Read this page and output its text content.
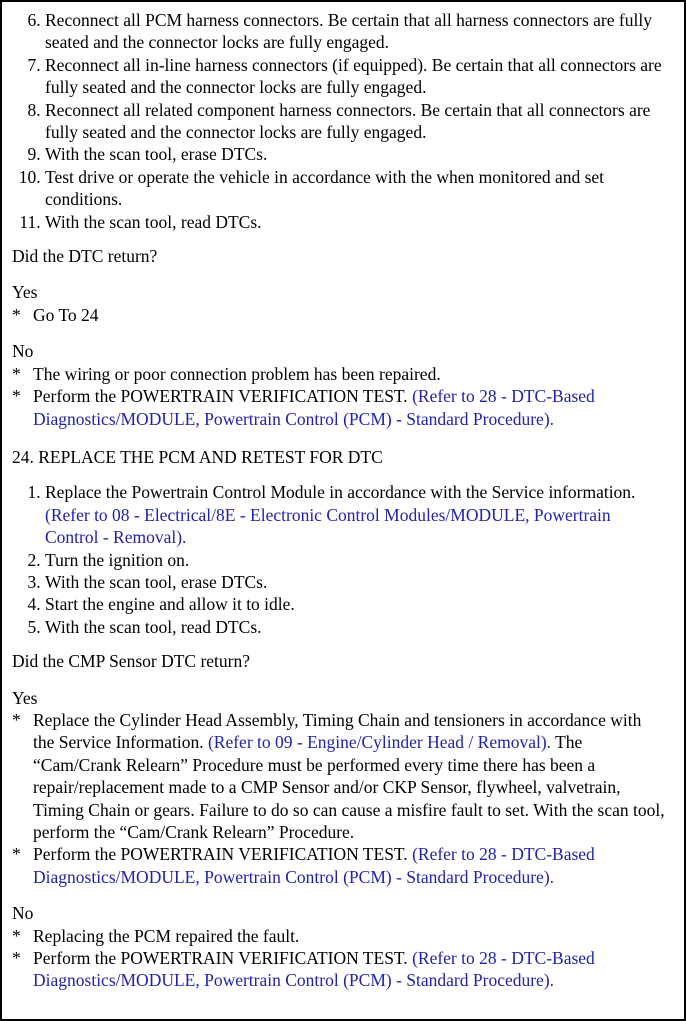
6. Reconnect all PCM harness connectors. Be certain that all harness connectors are fully seated and the connector locks are fully engaged.
7. Reconnect all in-line harness connectors (if equipped). Be certain that all connectors are fully seated and the connector locks are fully engaged.
8. Reconnect all related component harness connectors. Be certain that all connectors are fully seated and the connector locks are fully engaged.
9. With the scan tool, erase DTCs.
10. Test drive or operate the vehicle in accordance with the when monitored and set conditions.
11. With the scan tool, read DTCs.
Did the DTC return?
Yes
* Go To 24
No
* The wiring or poor connection problem has been repaired.
* Perform the POWERTRAIN VERIFICATION TEST. (Refer to 28 - DTC-Based Diagnostics/MODULE, Powertrain Control (PCM) - Standard Procedure).
24. REPLACE THE PCM AND RETEST FOR DTC
1. Replace the Powertrain Control Module in accordance with the Service information. (Refer to 08 - Electrical/8E - Electronic Control Modules/MODULE, Powertrain Control - Removal).
2. Turn the ignition on.
3. With the scan tool, erase DTCs.
4. Start the engine and allow it to idle.
5. With the scan tool, read DTCs.
Did the CMP Sensor DTC return?
Yes
* Replace the Cylinder Head Assembly, Timing Chain and tensioners in accordance with the Service Information. (Refer to 09 - Engine/Cylinder Head / Removal). The “Cam/Crank Relearn” Procedure must be performed every time there has been a repair/replacement made to a CMP Sensor and/or CKP Sensor, flywheel, valvetrain, Timing Chain or gears. Failure to do so can cause a misfire fault to set. With the scan tool, perform the “Cam/Crank Relearn” Procedure.
* Perform the POWERTRAIN VERIFICATION TEST. (Refer to 28 - DTC-Based Diagnostics/MODULE, Powertrain Control (PCM) - Standard Procedure).
No
* Replacing the PCM repaired the fault.
* Perform the POWERTRAIN VERIFICATION TEST. (Refer to 28 - DTC-Based Diagnostics/MODULE, Powertrain Control (PCM) - Standard Procedure).
